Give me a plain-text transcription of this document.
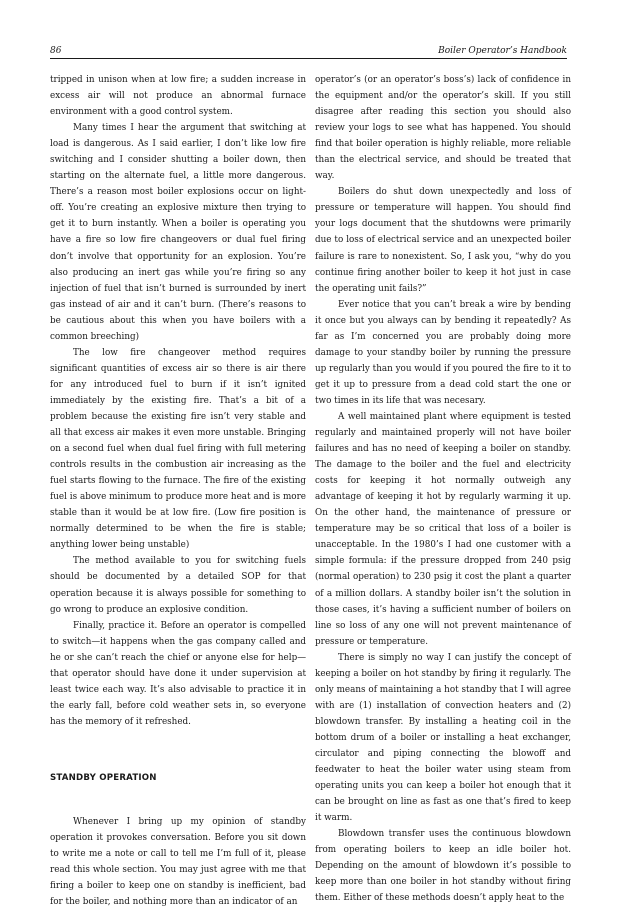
86	Boiler Operator’s Handbook

tripped in unison when at low fire; a sudden increase in excess air will not produce an abnormal furnace environment with a good control system.

Many times I hear the argument that switching at load is dangerous. As I said earlier, I don’t like low fire switching and I consider shutting a boiler down, then starting on the alternate fuel, a little more dangerous. There’s a reason most boiler explosions occur on light-off. You’re creating an explosive mixture then trying to get it to burn instantly. When a boiler is operating you have a fire so low fire changeovers or dual fuel firing don’t involve that opportunity for an explosion. You’re also producing an inert gas while you’re firing so any injection of fuel that isn’t burned is surrounded by inert gas instead of air and it can’t burn. (There’s reasons to be cautious about this when you have boilers with a common breeching)

The low fire changeover method requires significant quantities of excess air so there is air there for any introduced fuel to burn if it isn’t ignited immediately by the existing fire. That’s a bit of a problem because the existing fire isn’t very stable and all that excess air makes it even more unstable. Bringing on a second fuel when dual fuel firing with full metering controls results in the combustion air increasing as the fuel starts flowing to the furnace. The fire of the existing fuel is above minimum to produce more heat and is more stable than it would be at low fire. (Low fire position is normally determined to be when the fire is stable; anything lower being unstable)

The method available to you for switching fuels should be documented by a detailed SOP for that operation because it is always possible for something to go wrong to produce an explosive condition.

Finally, practice it. Before an operator is compelled to switch—it happens when the gas company called and he or she can’t reach the chief or anyone else for help—that operator should have done it under supervision at least twice each way. It’s also advisable to practice it in the early fall, before cold weather sets in, so everyone has the memory of it refreshed.

STANDBY OPERATION

Whenever I bring up my opinion of standby operation it provokes conversation. Before you sit down to write me a note or call to tell me I’m full of it, please read this whole section. You may just agree with me that firing a boiler to keep one on standby is inefficient, bad for the boiler, and nothing more than an indicator of an

operator’s (or an operator’s boss’s) lack of confidence in the equipment and/or the operator’s skill. If you still disagree after reading this section you should also review your logs to see what has happened. You should find that boiler operation is highly reliable, more reliable than the electrical service, and should be treated that way.

Boilers do shut down unexpectedly and loss of pressure or temperature will happen. You should find your logs document that the shutdowns were primarily due to loss of electrical service and an unexpected boiler failure is rare to nonexistent. So, I ask you, “why do you continue firing another boiler to keep it hot just in case the operating unit fails?”

Ever notice that you can’t break a wire by bending it once but you always can by bending it repeatedly? As far as I’m concerned you are probably doing more damage to your standby boiler by running the pressure up regularly than you would if you poured the fire to it to get it up to pressure from a dead cold start the one or two times in its life that was necesary.

A well maintained plant where equipment is tested regularly and maintained properly will not have boiler failures and has no need of keeping a boiler on standby. The damage to the boiler and the fuel and electricity costs for keeping it hot normally outweigh any advantage of keeping it hot by regularly warming it up. On the other hand, the maintenance of pressure or temperature may be so critical that loss of a boiler is unacceptable. In the 1980’s I had one customer with a simple formula: if the pressure dropped from 240 psig (normal operation) to 230 psig it cost the plant a quarter of a million dollars. A standby boiler isn’t the solution in those cases, it’s having a sufficient number of boilers on line so loss of any one will not prevent maintenance of pressure or temperature.

There is simply no way I can justify the concept of keeping a boiler on hot standby by firing it regularly. The only means of maintaining a hot standby that I will agree with are (1) installation of convection heaters and (2) blowdown transfer. By installing a heating coil in the bottom drum of a boiler or installing a heat exchanger, circulator and piping connecting the blowoff and feedwater to heat the boiler water using steam from operating units you can keep a boiler hot enough that it can be brought on line as fast as one that’s fired to keep it warm.

Blowdown transfer uses the continuous blowdown from operating boilers to keep an idle boiler hot. Depending on the amount of blowdown it’s possible to keep more than one boiler in hot standby without firing them. Either of these methods doesn’t apply heat to the
